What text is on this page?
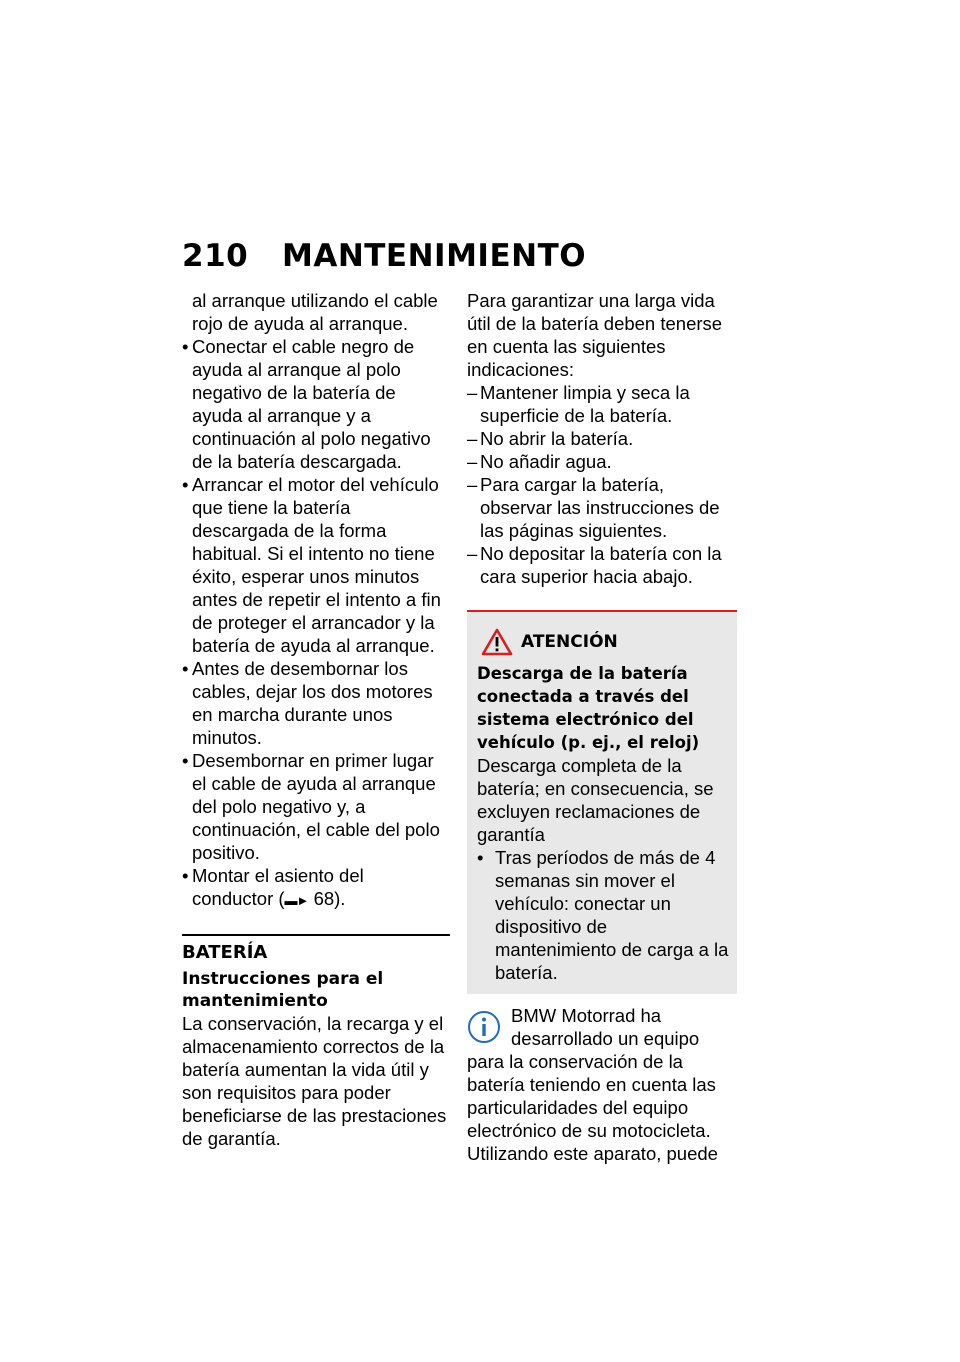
210 MANTENIMIENTO

al arranque utilizando el cable rojo de ayuda al arranque.

• Conectar el cable negro de ayuda al arranque al polo negativo de la batería de ayuda al arranque y a continuación al polo negativo de la batería descargada.
• Arrancar el motor del vehículo que tiene la batería descargada de la forma habitual. Si el intento no tiene éxito, esperar unos minutos antes de repetir el intento a fin de proteger el arrancador y la batería de ayuda al arranque.
• Antes de desembornar los cables, dejar los dos motores en marcha durante unos minutos.
• Desembornar en primer lugar el cable de ayuda al arranque del polo negativo y, a continuación, el cable del polo positivo.
• Montar el asiento del conductor (▬► 68).
BATERÍA
Instrucciones para el mantenimiento

La conservación, la recarga y el almacenamiento correctos de la batería aumentan la vida útil y son requisitos para poder beneficiarse de las prestaciones de garantía.

Para garantizar una larga vida útil de la batería deben tenerse en cuenta las siguientes indicaciones:

– Mantener limpia y seca la superficie de la batería.
– No abrir la batería.
– No añadir agua.
– Para cargar la batería, observar las instrucciones de las páginas siguientes.
– No depositar la batería con la cara superior hacia abajo.
ATENCIÓN

Descarga de la batería conectada a través del sistema electrónico del vehículo (p. ej., el reloj)

Descarga completa de la batería; en consecuencia, se excluyen reclamaciones de garantía

• Tras períodos de más de 4 semanas sin mover el vehículo: conectar un dispositivo de mantenimiento de carga a la batería.

BMW Motorrad ha desarrollado un equipo para la conservación de la batería teniendo en cuenta las particularidades del equipo electrónico de su motocicleta. Utilizando este aparato, puede
